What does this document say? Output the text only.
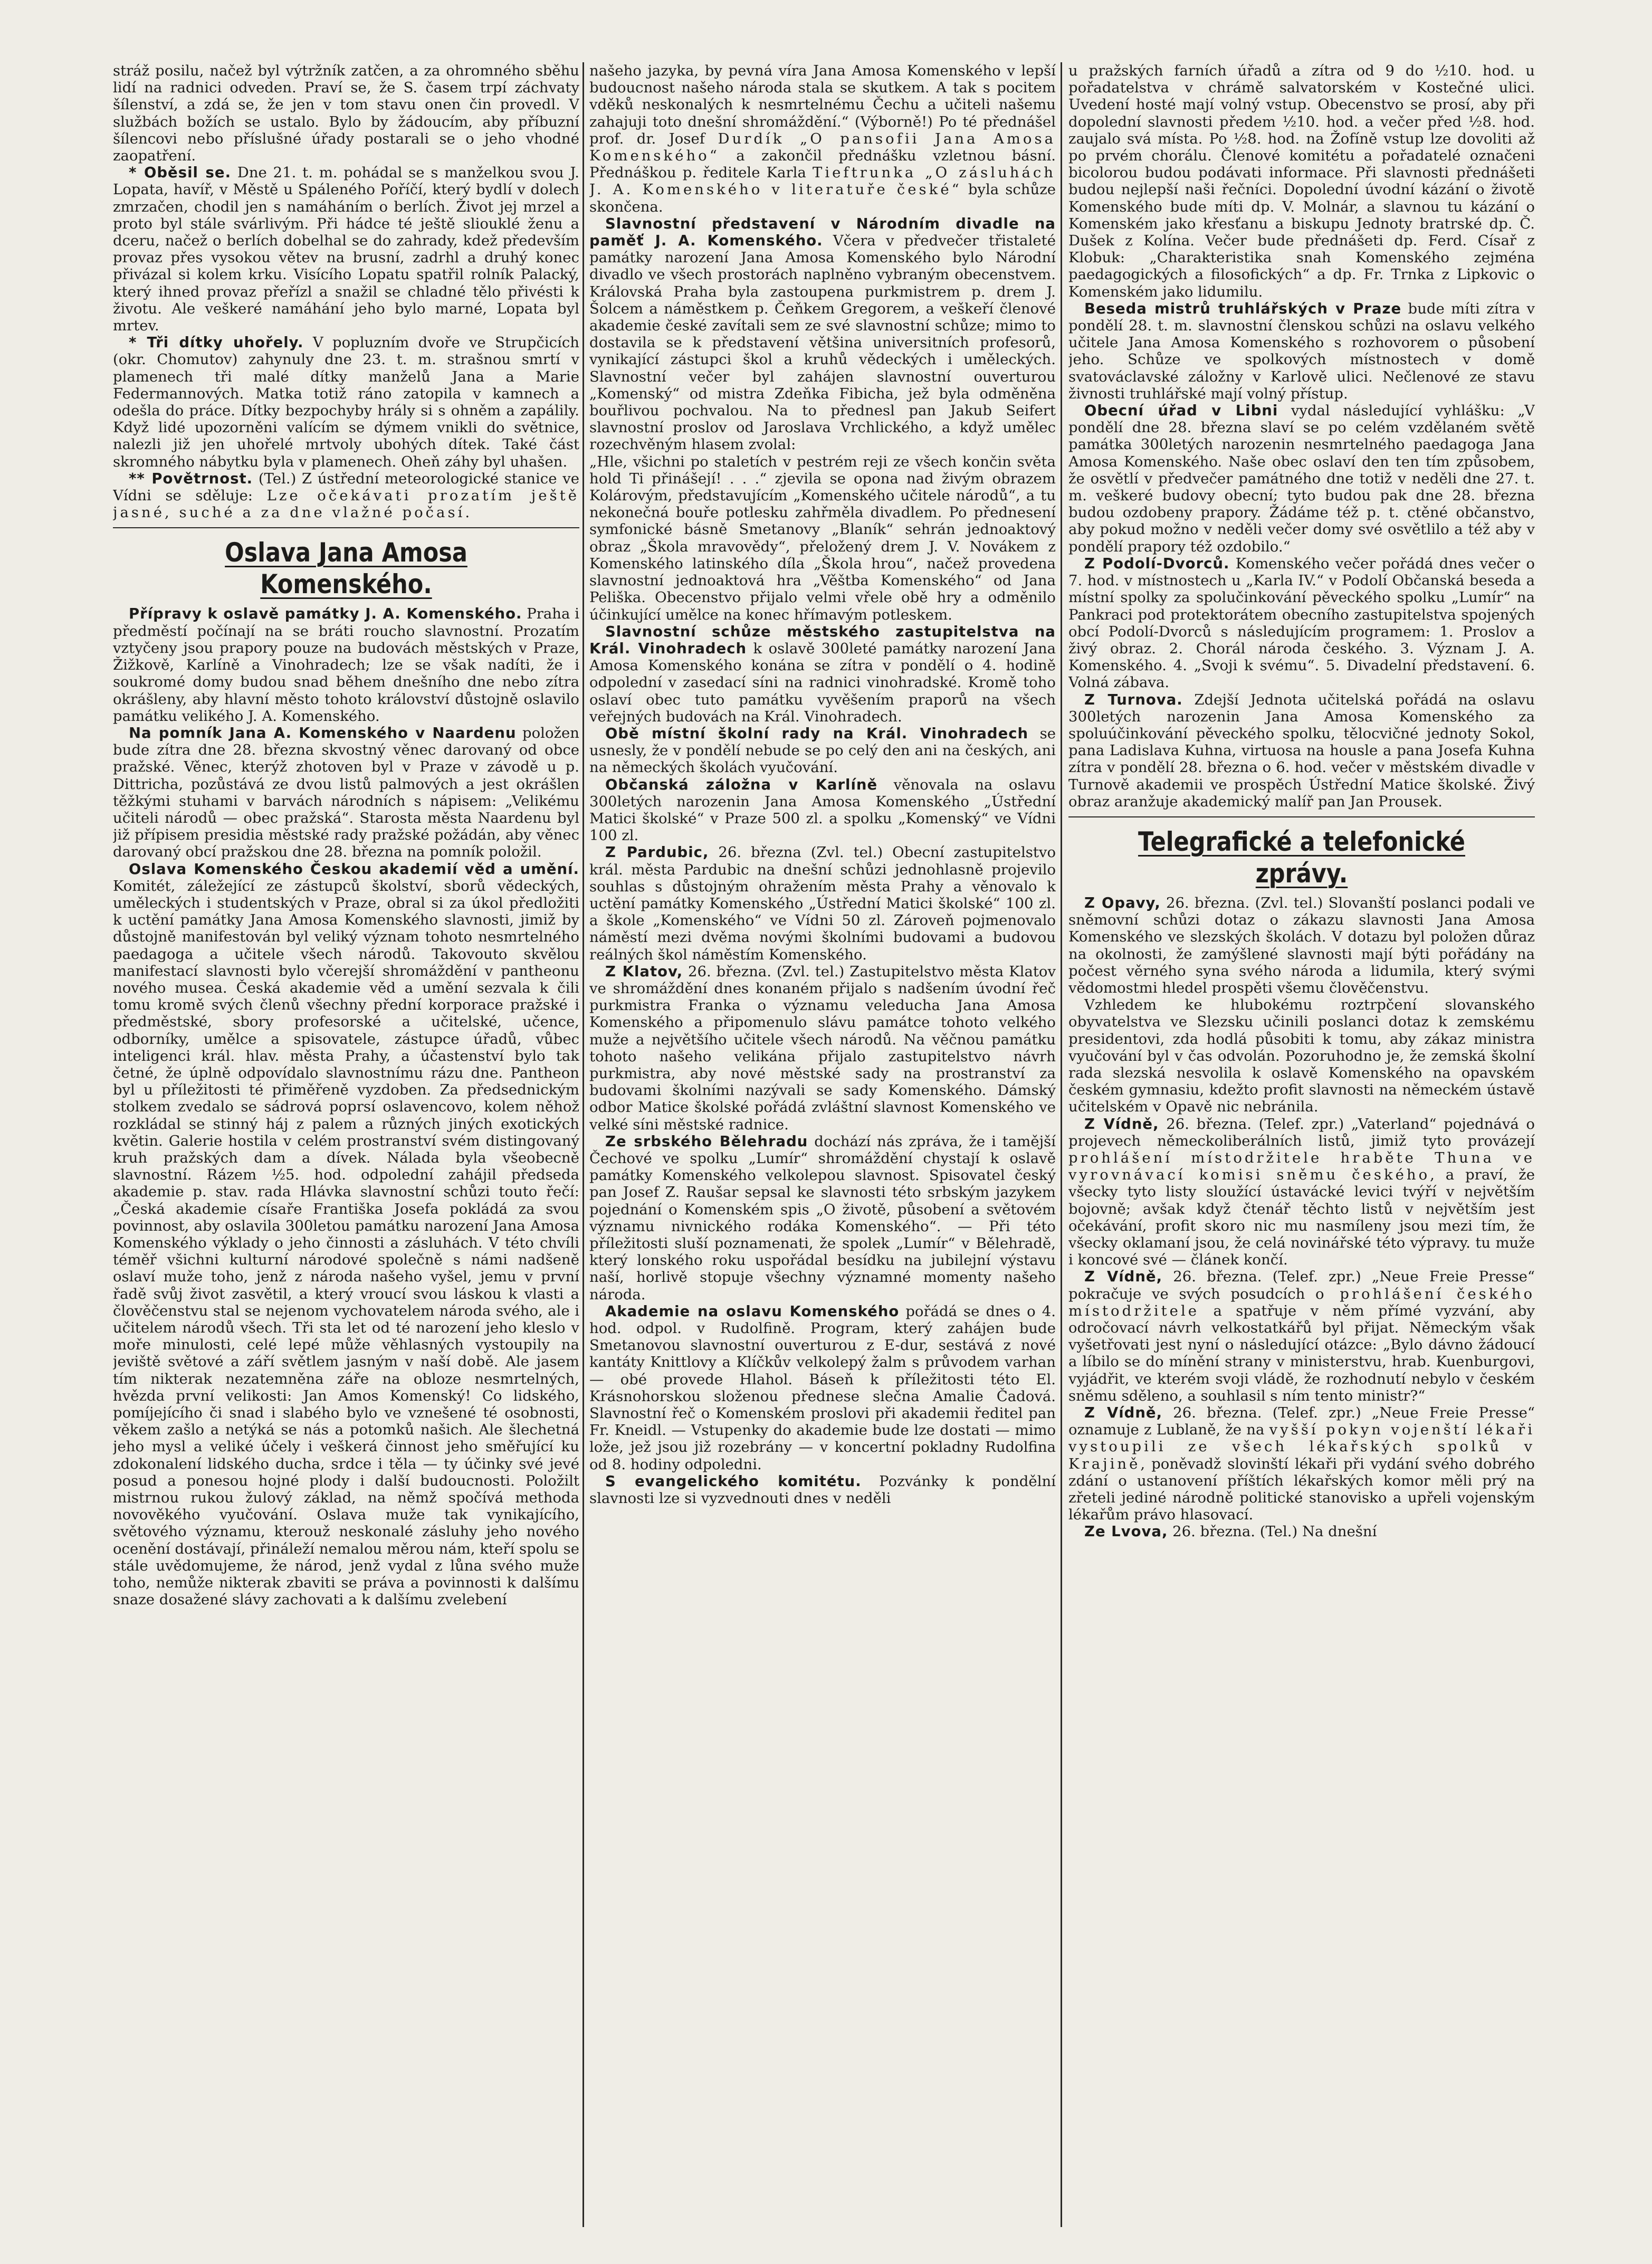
stráž posilu, načež byl výtržník zatčen, a za ohromného sběhu lidí na radnici odveden. Praví se, že S. časem trpí záchvaty šílenství, a zdá se, že jen v tom stavu onen čin provedl. V službách božích se ustalo. Bylo by žádoucím, aby příbuzní šílencovi nebo příslušné úřady postarali se o jeho vhodné zaopatření.

* Oběsil se. Dne 21. t. m. pohádal se s manželkou svou J. Lopata, havíř, v Městě u Spáleného Poříčí, který bydlí v dolech zmrzačen, chodil jen s namáháním o berlích. Život jej mrzel a proto byl stále svárlivým. Při hádce té ještě sliouklé ženu a dceru, načež o berlích dobelhal se do zahrady, kdež především provaz přes vysokou větev na brusní, zadrhl a druhý konec přivázal si kolem krku. Visícího Lopatu spatřil rolník Palacký, který ihned provaz přeřízl a snažil se chladné tělo přivésti k životu. Ale veškeré namáhání jeho bylo marné, Lopata byl mrtev.

* Tři dítky uhořely. V popluzním dvoře ve Strupčicích (okr. Chomutov) zahynuly dne 23. t. m. strašnou smrtí v plamenech tři malé dítky manželů Jana a Marie Federmannových. Matka totiž ráno zatopila v kamnech a odešla do práce. Dítky bezpochyby hrály si s ohněm a zapálily. Když lidé upozorněni valícím se dýmem vnikli do světnice, nalezli již jen uhořelé mrtvoly ubohých dítek. Také část skromného nábytku byla v plamenech. Oheň záhy byl uhašen.

** Povětrnost. (Tel.) Z ústřední meteorologické stanice ve Vídni se sděluje: Lze očekávati prozatím ještě jasné, suché a za dne vlažné počasí.

Oslava Jana Amosa Komenského.

Přípravy k oslavě památky J. A. Komenského. Praha i předměstí počínají na se bráti roucho slavnostní. Prozatím vztyčeny jsou prapory pouze na budovách městských v Praze, Žižkově, Karlíně a Vinohradech; lze se však nadíti, že i soukromé domy budou snad během dnešního dne nebo zítra okrášleny, aby hlavní město tohoto království důstojně oslavilo památku velikého J. A. Komenského.

Na pomník Jana A. Komenského v Naardenu položen bude zítra dne 28. března skvostný věnec darovaný od obce pražské. Věnec, kterýž zhotoven byl v Praze v závodě u p. Dittricha, pozůstává ze dvou listů palmových a jest okrášlen těžkými stuhami v barvách národních s nápisem: „Velikému učiteli národů — obec pražská“. Starosta města Naardenu byl již přípisem presidia městské rady pražské požádán, aby věnec darovaný obcí pražskou dne 28. března na pomník položil.

Oslava Komenského Českou akademií věd a umění. Komitét, záležející ze zástupců školství, sborů vědeckých, uměleckých i studentských v Praze, obral si za úkol předložiti k uctění památky Jana Amosa Komenského slavnosti, jimiž by důstojně manifestován byl veliký význam tohoto nesmrtelného paedagoga a učitele všech národů. Takovouto skvělou manifestací slavnosti bylo včerejší shromáždění v pantheonu nového musea. Česká akademie věd a umění sezvala k čili tomu kromě svých členů všechny přední korporace pražské i předměstské, sbory profesorské a učitelské, učence, odborníky, umělce a spisovatele, zástupce úřadů, vůbec inteligenci král. hlav. města Prahy, a účastenství bylo tak četné, že úplně odpovídalo slavnostnímu rázu dne. Pantheon byl u příležitosti té přiměřeně vyzdoben. Za předsednickým stolkem zvedalo se sádrová poprsí oslavencovo, kolem něhož rozkládal se stinný háj z palem a různých jiných exotických květin. Galerie hostila v celém prostranství svém distingovaný kruh pražských dam a dívek. Nálada byla všeobecně slavnostní. Rázem ½5. hod. odpolední zahájil předseda akademie p. stav. rada Hlávka slavnostní schůzi touto řečí: „Česká akademie císaře Františka Josefa pokládá za svou povinnost, aby oslavila 300letou památku narození Jana Amosa Komenského výklady o jeho činnosti a zásluhách. V této chvíli téměř všichni kulturní národové společně s námi nadšeně oslaví muže toho, jenž z národa našeho vyšel, jemu v první řadě svůj život zasvětil, a který vroucí svou láskou k vlasti a člověčenstvu stal se nejenom vychovatelem národa svého, ale i učitelem národů všech. Tři sta let od té narození jeho kleslo v moře minulosti, celé lepé může věhlasných vystoupily na jeviště světové a září světlem jasným v naší době. Ale jasem tím nikterak nezatemněna záře na obloze nesmrtelných, hvězda první velikosti: Jan Amos Komenský! Co lidského, pomíjejícího či snad i slabého bylo ve vznešené té osobnosti, věkem zašlo a netýká se nás a potomků našich. Ale šlechetná jeho mysl a veliké účely i veškerá činnost jeho směřující ku zdokonalení lidského ducha, srdce i těla — ty účinky své jevé posud a ponesou hojné plody i další budoucnosti. Položilt mistrnou rukou žulový základ, na němž spočívá methoda novověkého vyučování. Oslava muže tak vynikajícího, světového významu, kterouž neskonalé zásluhy jeho nového ocenění dostávají, přináleží nemalou měrou nám, kteří spolu se stále uvědomujeme, že národ, jenž vydal z lůna svého muže toho, nemůže nikterak zbaviti se práva a povinnosti k dalšímu snaze dosažené slávy zachovati a k dalšímu zvelebení

našeho jazyka, by pevná víra Jana Amosa Komenského v lepší budoucnost našeho národa stala se skutkem. A tak s pocitem vděků neskonalých k nesmrtelnému Čechu a učiteli našemu zahajuji toto dnešní shromáždění.“ (Výborně!) Po té přednášel prof. dr. Josef Durdík „O pansofii Jana Amosa Komenského“ a zakončil přednášku vzletnou básní. Přednáškou p. ředitele Karla Tieftrunka „O zásluhách J. A. Komenského v literatuře české“ byla schůze skončena.

Slavnostní představení v Národním divadle na paměť J. A. Komenského. Včera v předvečer třistaleté památky narození Jana Amosa Komenského bylo Národní divadlo ve všech prostorách naplněno vybraným obecenstvem. Královská Praha byla zastoupena purkmistrem p. drem J. Šolcem a náměstkem p. Čeňkem Gregorem, a veškeří členové akademie české zavítali sem ze své slavnostní schůze; mimo to dostavila se k představení většina universitních profesorů, vynikající zástupci škol a kruhů vědeckých i uměleckých. Slavnostní večer byl zahájen slavnostní ouverturou „Komenský“ od mistra Zdeňka Fibicha, jež byla odměněna bouřlivou pochvalou. Na to přednesl pan Jakub Seifert slavnostní proslov od Jaroslava Vrchlického, a když umělec rozechvěným hlasem zvolal:

„Hle, všichni po staletích v pestrém reji ze všech končin světa hold Ti přinášejí! . . .“ zjevila se opona nad živým obrazem Kolárovým, představujícím „Komenského učitele národů“, a tu nekonečná bouře potlesku zahřměla divadlem. Po přednesení symfonické básně Smetanovy „Blaník“ sehrán jednoaktový obraz „Škola mravovědy“, přeložený drem J. V. Novákem z Komenského latinského díla „Škola hrou“, načež provedena slavnostní jednoaktová hra „Věštba Komenského“ od Jana Peliška. Obecenstvo přijalo velmi vřele obě hry a odměnilo účinkující umělce na konec hřímavým potleskem.

Slavnostní schůze městského zastupitelstva na Král. Vinohradech k oslavě 300leté památky narození Jana Amosa Komenského konána se zítra v pondělí o 4. hodině odpolední v zasedací síni na radnici vinohradské. Kromě toho oslaví obec tuto památku vyvěšením praporů na všech veřejných budovách na Král. Vinohradech.

Obě místní školní rady na Král. Vinohradech se usnesly, že v pondělí nebude se po celý den ani na českých, ani na německých školách vyučování.

Občanská záložna v Karlíně věnovala na oslavu 300letých narozenin Jana Amosa Komenského „Ústřední Matici školské“ v Praze 500 zl. a spolku „Komenský“ ve Vídni 100 zl.

Z Pardubic, 26. března (Zvl. tel.) Obecní zastupitelstvo král. města Pardubic na dnešní schůzi jednohlasně projevilo souhlas s důstojným ohražením města Prahy a věnovalo k uctění památky Komenského „Ústřední Matici školské“ 100 zl. a škole „Komenského“ ve Vídni 50 zl. Zároveň pojmenovalo náměstí mezi dvěma novými školními budovami a budovou reálných škol náměstím Komenského.

Z Klatov, 26. března. (Zvl. tel.) Zastupitelstvo města Klatov ve shromáždění dnes konaném přijalo s nadšením úvodní řeč purkmistra Franka o významu veleducha Jana Amosa Komenského a připomenulo slávu památce tohoto velkého muže a největšího učitele všech národů. Na věčnou památku tohoto našeho velikána přijalo zastupitelstvo návrh purkmistra, aby nové městské sady na prostranství za budovami školními nazývali se sady Komenského. Dámský odbor Matice školské pořádá zvláštní slavnost Komenského ve velké síni městské radnice.

Ze srbského Bělehradu dochází nás zpráva, že i tamější Čechové ve spolku „Lumír“ shromáždění chystají k oslavě památky Komenského velkolepou slavnost. Spisovatel český pan Josef Z. Raušar sepsal ke slavnosti této srbským jazykem pojednání o Komenském spis „O životě, působení a světovém významu nivnického rodáka Komenského“. — Při této příležitosti sluší poznamenati, že spolek „Lumír“ v Bělehradě, který lonského roku uspořádal besídku na jubilejní výstavu naší, horlivě stopuje všechny významné momenty našeho národa.

Akademie na oslavu Komenského pořádá se dnes o 4. hod. odpol. v Rudolfině. Program, který zahájen bude Smetanovou slavnostní ouverturou z E-dur, sestává z nové kantáty Knittlovy a Klíčkův velkolepý žalm s průvodem varhan — obé provede Hlahol. Báseň k příležitosti této El. Krásnohorskou složenou přednese slečna Amalie Čadová. Slavnostní řeč o Komenském proslovi při akademii ředitel pan Fr. Kneidl. — Vstupenky do akademie bude lze dostati — mimo lože, jež jsou již rozebrány — v koncertní pokladny Rudolfina od 8. hodiny odpoledni.

S evangelického komitétu. Pozvánky k pondělní slavnosti lze si vyzvednouti dnes v neděli

u pražských farních úřadů a zítra od 9 do ½10. hod. u pořadatelstva v chrámě salvatorském v Kostečné ulici. Uvedení hosté mají volný vstup. Obecenstvo se prosí, aby při dopolední slavnosti předem ½10. hod. a večer před ½8. hod. zaujalo svá místa. Po ½8. hod. na Žofíně vstup lze dovoliti až po prvém chorálu. Členové komitétu a pořadatelé označeni bicolorou budou podávati informace. Při slavnosti přednášeti budou nejlepší naši řečníci. Dopolední úvodní kázání o životě Komenského bude míti dp. V. Molnár, a slavnou tu kázání o Komenském jako křesťanu a biskupu Jednoty bratrské dp. Č. Dušek z Kolína. Večer bude přednášeti dp. Ferd. Císař z Klobuk: „Charakteristika snah Komenského zejména paedagogických a filosofických“ a dp. Fr. Trnka z Lipkovic o Komenském jako lidumilu.

Beseda mistrů truhlářských v Praze bude míti zítra v pondělí 28. t. m. slavnostní členskou schůzi na oslavu velkého učitele Jana Amosa Komenského s rozhovorem o působení jeho. Schůze ve spolkových místnostech v domě svatováclavské záložny v Karlově ulici. Nečlenové ze stavu živnosti truhlářské mají volný přístup.

Obecní úřad v Libni vydal následující vyhlášku: „V pondělí dne 28. března slaví se po celém vzdělaném světě památka 300letých narozenin nesmrtelného paedagoga Jana Amosa Komenského. Naše obec oslaví den ten tím způsobem, že osvětlí v předvečer památného dne totiž v neděli dne 27. t. m. veškeré budovy obecní; tyto budou pak dne 28. března budou ozdobeny prapory. Žádáme též p. t. ctěné občanstvo, aby pokud možno v neděli večer domy své osvětlilo a též aby v pondělí prapory též ozdobilo.“

Z Podolí-Dvorců. Komenského večer pořádá dnes večer o 7. hod. v místnostech u „Karla IV.“ v Podolí Občanská beseda a místní spolky za spolučinkování pěveckého spolku „Lumír“ na Pankraci pod protektorátem obecního zastupitelstva spojených obcí Podolí-Dvorců s následujícím programem: 1. Proslov a živý obraz. 2. Chorál národa českého. 3. Význam J. A. Komenského. 4. „Svoji k svému“. 5. Divadelní představení. 6. Volná zábava.

Z Turnova. Zdejší Jednota učitelská pořádá na oslavu 300letých narozenin Jana Amosa Komenského za spoluúčinkování pěveckého spolku, tělocvičné jednoty Sokol, pana Ladislava Kuhna, virtuosa na housle a pana Josefa Kuhna zítra v pondělí 28. března o 6. hod. večer v městském divadle v Turnově akademii ve prospěch Ústřední Matice školské. Živý obraz aranžuje akademický malíř pan Jan Prousek.

Telegrafické a telefonické zprávy.

Z Opavy, 26. března. (Zvl. tel.) Slovanští poslanci podali ve sněmovní schůzi dotaz o zákazu slavnosti Jana Amosa Komenského ve slezských školách. V dotazu byl položen důraz na okolnosti, že zamýšlené slavnosti mají býti pořádány na počest věrného syna svého národa a lidumila, který svými vědomostmi hledel prospěti všemu člověčenstvu.

Vzhledem ke hlubokému roztrpčení slovanského obyvatelstva ve Slezsku učinili poslanci dotaz k zemskému presidentovi, zda hodlá působiti k tomu, aby zákaz ministra vyučování byl v čas odvolán. Pozoruhodno je, že zemská školní rada slezská nesvolila k oslavě Komenského na opavském českém gymnasiu, kdežto profit slavnosti na německém ústavě učitelském v Opavě nic nebránila.

Z Vídně, 26. března. (Telef. zpr.) „Vaterland“ pojednává o projevech německoliberálních listů, jimiž tyto provázejí prohlášení místodržitele hraběte Thuna ve vyrovnávací komisi sněmu českého, a praví, že všecky tyto listy sloužící ústavácké levici tvýří v největším bojovně; avšak když čtenář těchto listů v největším jest očekávání, profit skoro nic mu nasmíleny jsou mezi tím, že všecky oklamaní jsou, že celá novinářské této výpravy. tu muže i koncové své — článek končí.

Z Vídně, 26. března. (Telef. zpr.) „Neue Freie Presse“ pokračuje ve svých posudcích o prohlášení českého místodržitele a spatřuje v něm přímé vyzvání, aby odročovací návrh velkostatkářů byl přijat. Německým však vyšetřovati jest nyní o následující otázce: „Bylo dávno žádoucí a líbilo se do mínění strany v ministerstvu, hrab. Kuenburgovi, vyjádřit, ve kterém svoji vládě, že rozhodnutí nebylo v českém sněmu sděleno, a souhlasil s ním tento ministr?“

Z Vídně, 26. března. (Telef. zpr.) „Neue Freie Presse“ oznamuje z Lublaně, že na vyšší pokyn vojenští lékaři vystoupili ze všech lékařských spolků v Krajině, poněvadž slovinští lékaři při vydání svého dobrého zdání o ustanovení příštích lékařských komor měli prý na zřeteli jediné národně politické stanovisko a upřeli vojenským lékařům právo hlasovací.

Ze Lvova, 26. března. (Tel.) Na dnešní
